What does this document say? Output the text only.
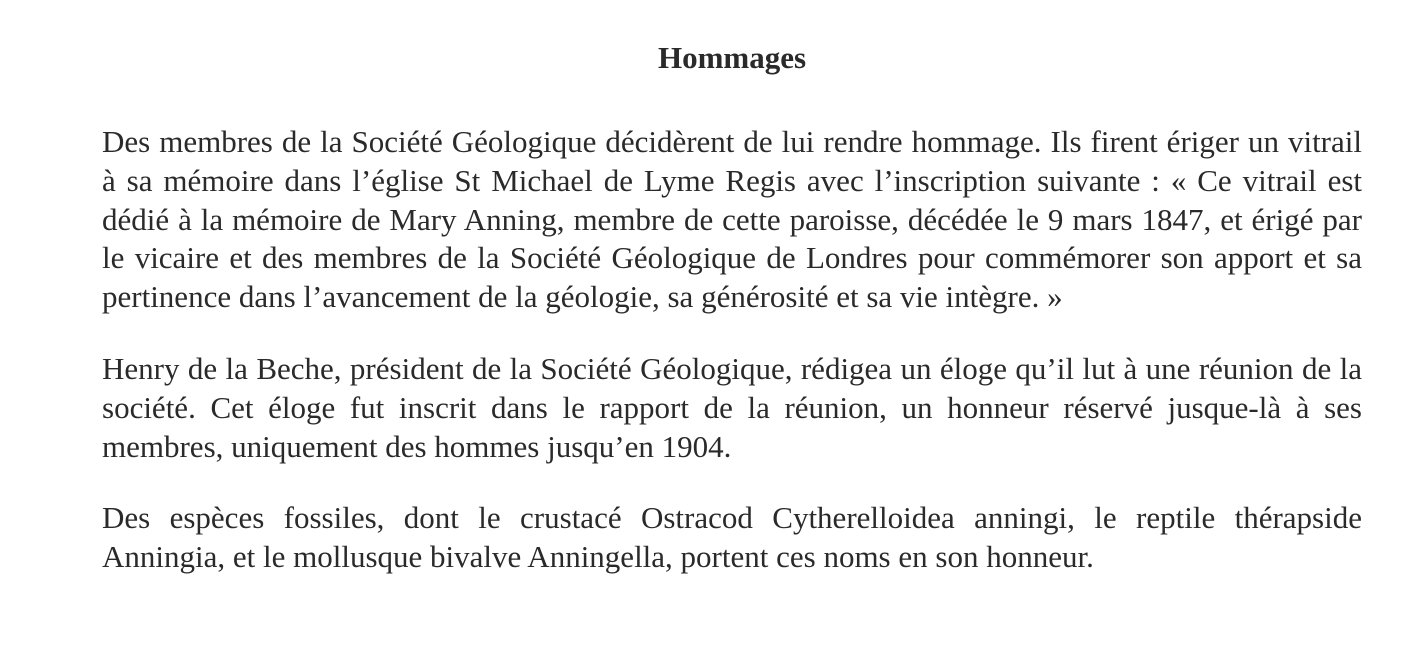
Hommages

Des membres de la Société Géologique décidèrent de lui rendre hommage. Ils firent ériger un vitrail à sa mémoire dans l’église St Michael de Lyme Regis avec l’inscription suivante : « Ce vitrail est dédié à la mémoire de Mary Anning, membre de cette paroisse, décédée le 9 mars 1847, et érigé par le vicaire et des membres de la Société Géologique de Londres pour commémorer son apport et sa pertinence dans l’avancement de la géologie, sa générosité et sa vie intègre. »

Henry de la Beche, président de la Société Géologique, rédigea un éloge qu’il lut à une réunion de la société. Cet éloge fut inscrit dans le rapport de la réunion, un honneur réservé jusque-là à ses membres, uniquement des hommes jusqu’en 1904.

Des espèces fossiles, dont le crustacé Ostracod Cytherelloidea anningi, le reptile thérapside Anningia, et le mollusque bivalve Anningella, portent ces noms en son honneur.
